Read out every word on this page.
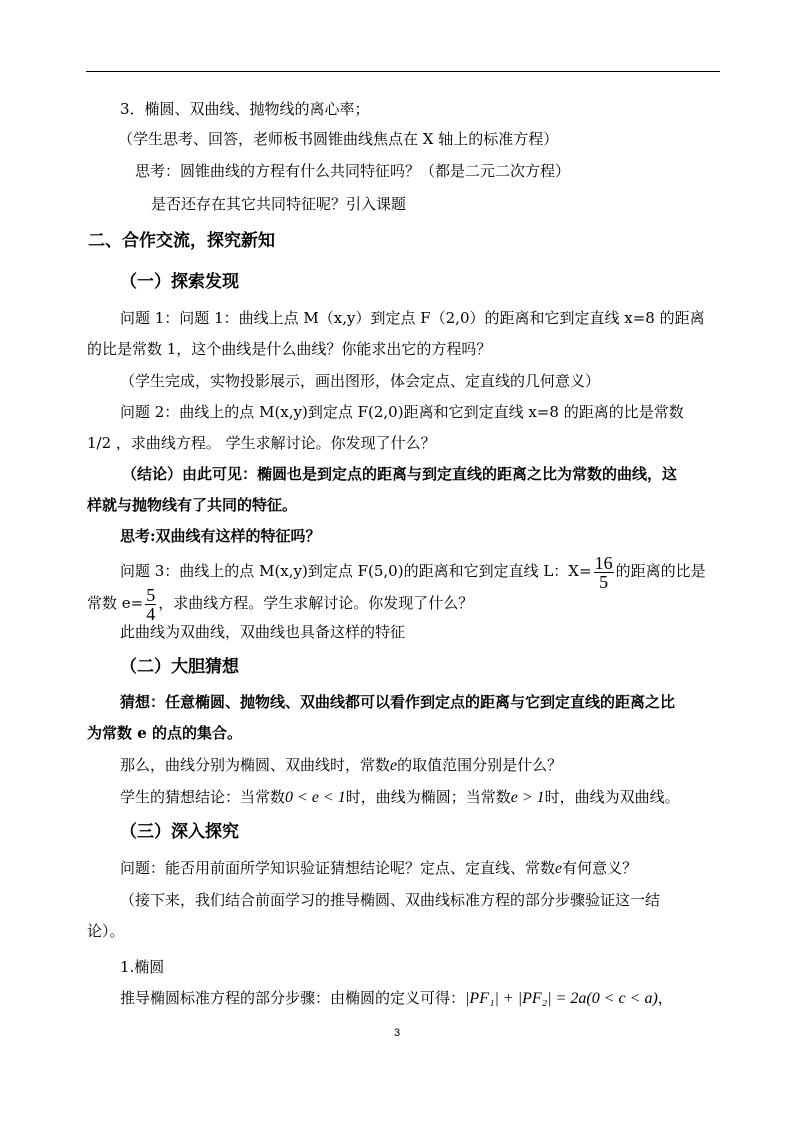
3．椭圆、双曲线、抛物线的离心率；
（学生思考、回答，老师板书圆锥曲线焦点在 X 轴上的标准方程）
思考：圆锥曲线的方程有什么共同特征吗？（都是二元二次方程）
是否还存在其它共同特征呢？引入课题
二、合作交流，探究新知
（一）探索发现
问题 1：问题 1：曲线上点 M（x,y）到定点 F（2,0）的距离和它到定直线 x=8 的距离
的比是常数 1，这个曲线是什么曲线？你能求出它的方程吗？
（学生完成，实物投影展示，画出图形，体会定点、定直线的几何意义）
问题 2：曲线上的点 M(x,y)到定点 F(2,0)距离和它到定直线 x=8 的距离的比是常数
1/2 ，求曲线方程。 学生求解讨论。你发现了什么？
（结论）由此可见：椭圆也是到定点的距离与到定直线的距离之比为常数的曲线，这
样就与抛物线有了共同的特征。
思考:双曲线有这样的特征吗？
问题 3：曲线上的点 M(x,y)到定点 F(5,0)的距离和它到定直线 L：$X= \frac{16}{5}$ 的距离的比是
常数 $e= \frac{5}{4}$ ，求曲线方程。学生求解讨论。你发现了什么？
此曲线为双曲线，双曲线也具备这样的特征
（二）大胆猜想
猜想：任意椭圆、抛物线、双曲线都可以看作到定点的距离与它到定直线的距离之比
为常数 e 的点的集合。
那么，曲线分别为椭圆、双曲线时，常数e的取值范围分别是什么？
学生的猜想结论：当常数0 < e < 1时，曲线为椭圆；当常数e > 1时，曲线为双曲线。
（三）深入探究
问题：能否用前面所学知识验证猜想结论呢？定点、定直线、常数e有何意义？
（接下来，我们结合前面学习的推导椭圆、双曲线标准方程的部分步骤验证这一结
论）。
1.椭圆
推导椭圆标准方程的部分步骤：由椭圆的定义可得：|PF₁| + |PF₂| = 2a(0 < c < a)，
3
